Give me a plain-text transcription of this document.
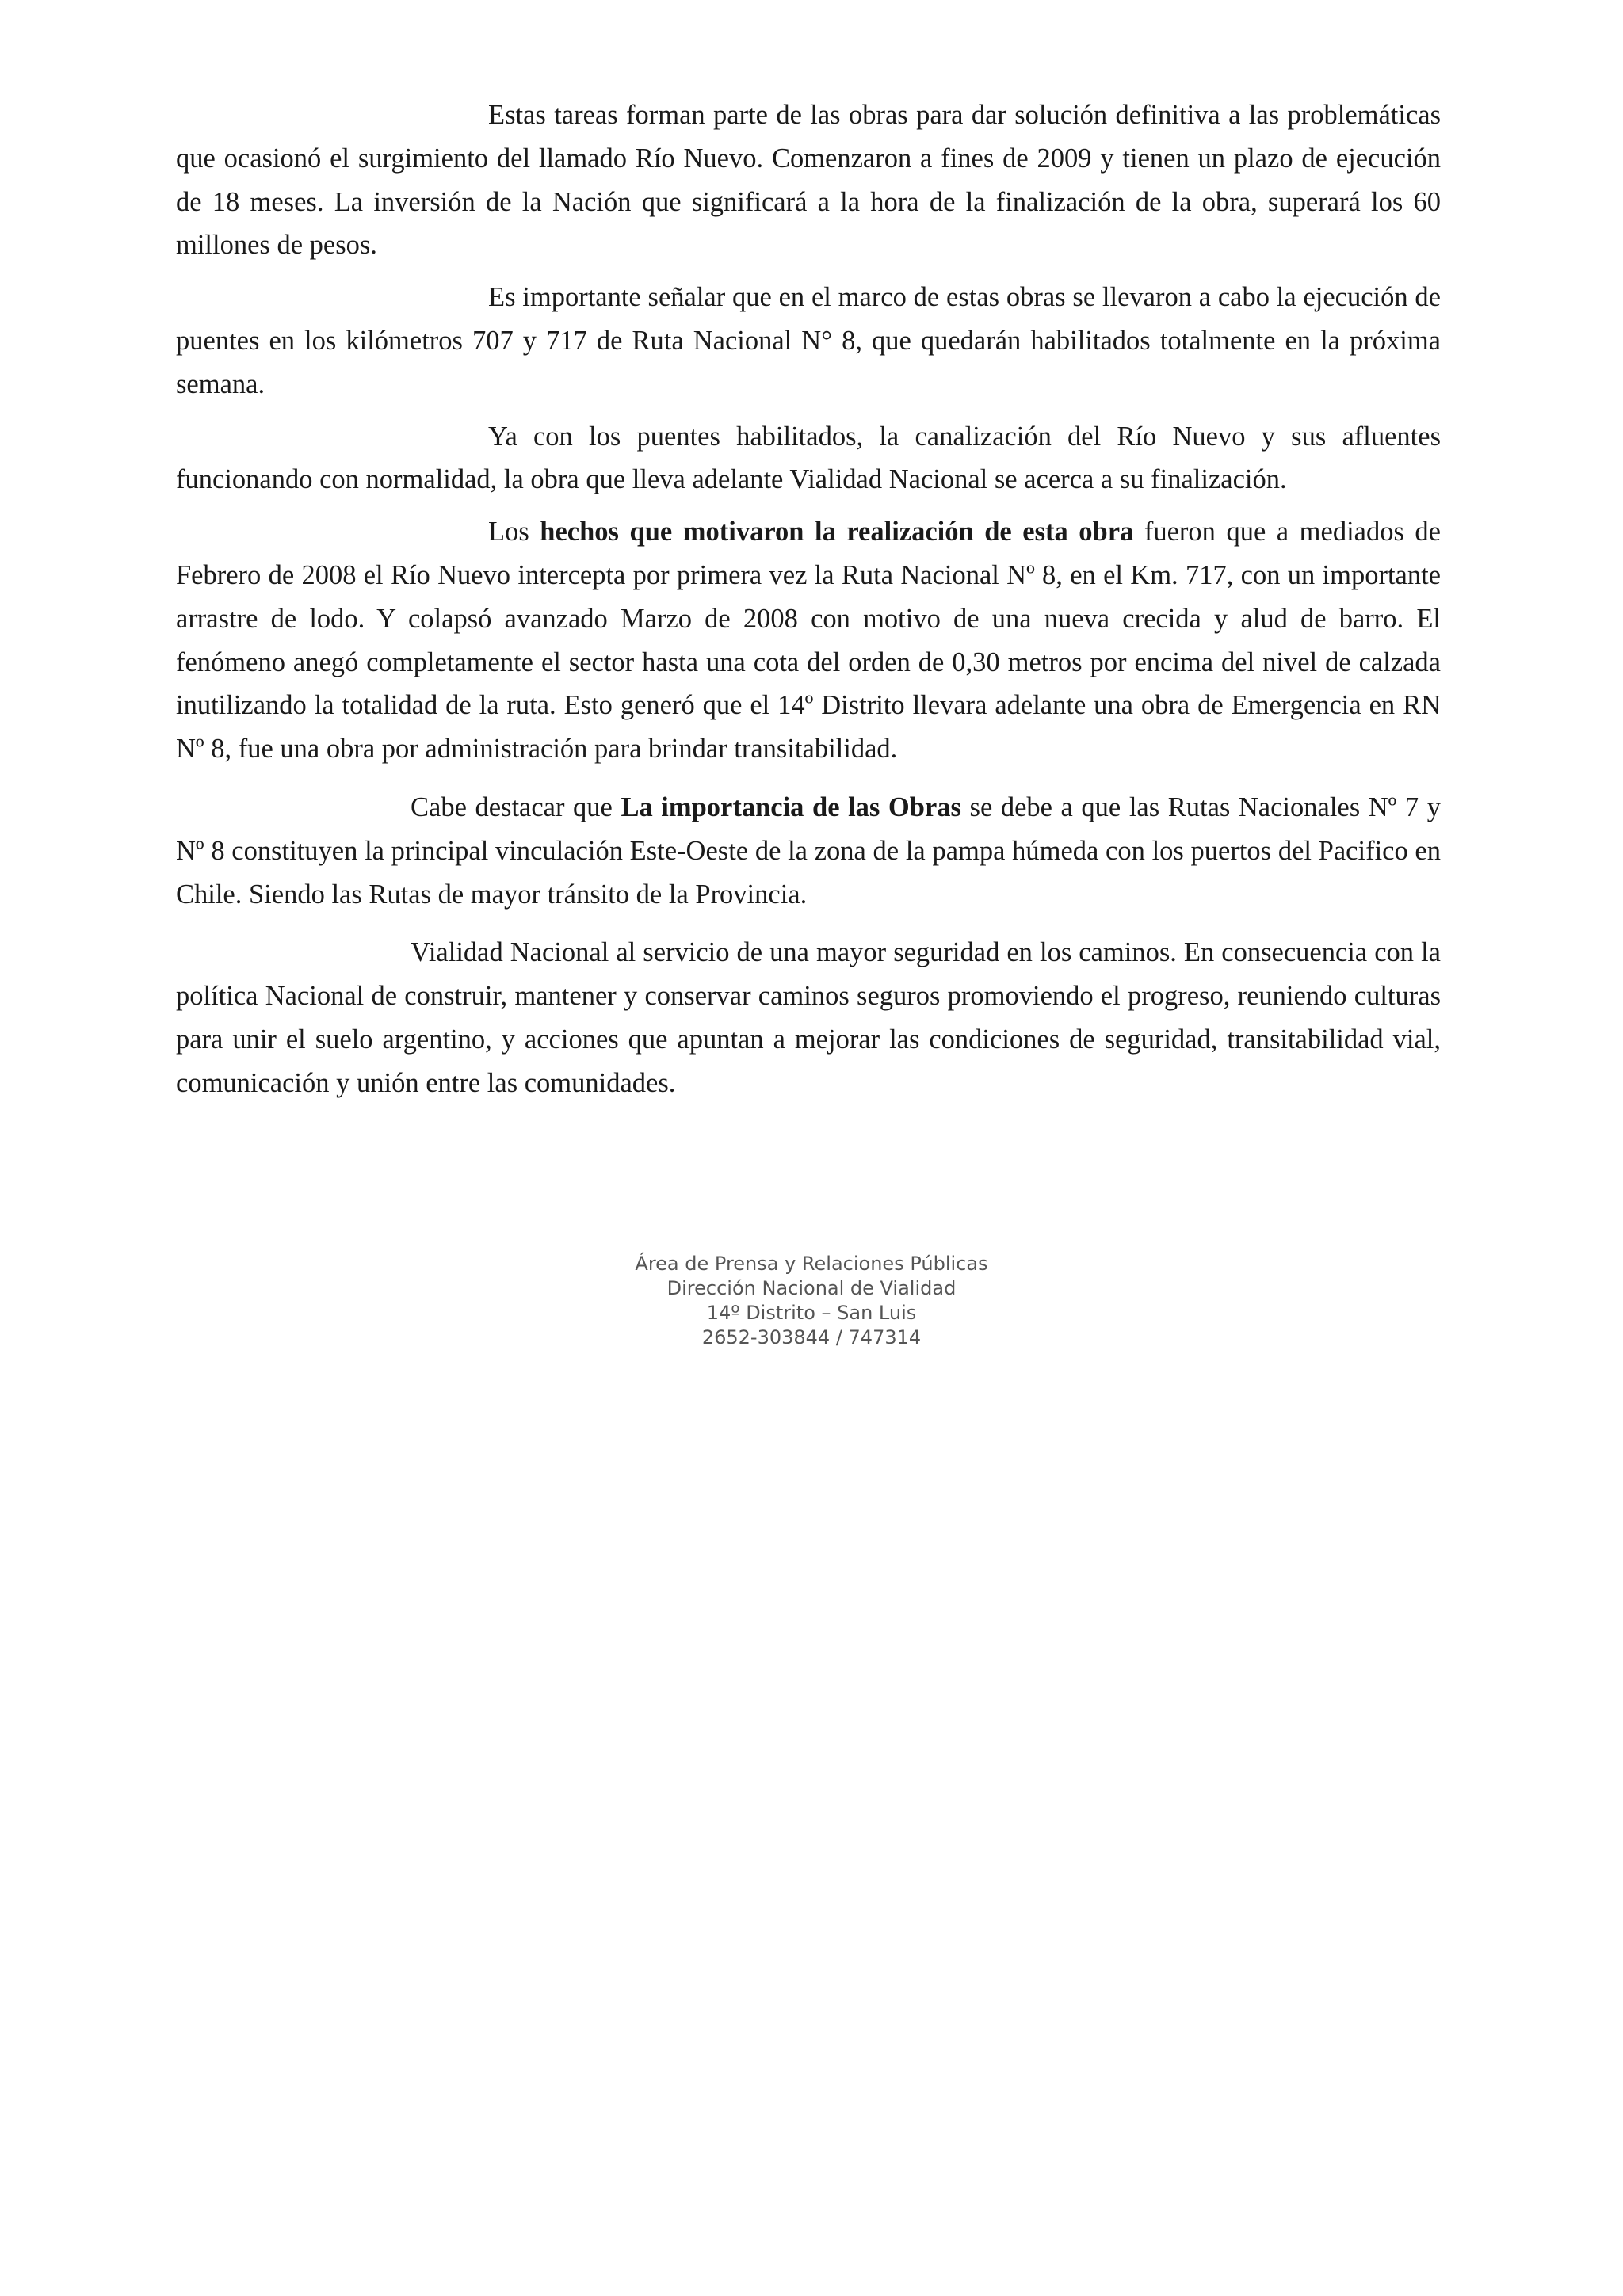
Estas tareas forman parte de las obras para dar solución definitiva a las problemáticas que ocasionó el surgimiento del llamado Río Nuevo. Comenzaron a fines de 2009 y tienen un plazo de ejecución de 18 meses. La inversión de la Nación que significará a la hora de la finalización de la obra, superará los 60 millones de pesos.

Es importante señalar que en el marco de estas obras se llevaron a cabo la ejecución de puentes en los kilómetros 707 y 717 de Ruta Nacional N° 8, que quedarán habilitados totalmente en la próxima semana.

Ya con los puentes habilitados, la canalización del Río Nuevo y sus afluentes funcionando con normalidad, la obra que lleva adelante Vialidad Nacional se acerca a su finalización.

Los hechos que motivaron la realización de esta obra fueron que a mediados de Febrero de 2008 el Río Nuevo intercepta por primera vez la Ruta Nacional Nº 8, en el Km. 717, con un importante arrastre de lodo. Y colapsó avanzado Marzo de 2008 con motivo de una nueva crecida y alud de barro. El fenómeno anegó completamente el sector hasta una cota del orden de 0,30 metros por encima del nivel de calzada inutilizando la totalidad de la ruta. Esto generó que el 14º Distrito llevara adelante una obra de Emergencia en RN Nº 8, fue una obra por administración para brindar transitabilidad.

Cabe destacar que La importancia de las Obras se debe a que las Rutas Nacionales Nº 7 y Nº 8 constituyen la principal vinculación Este-Oeste de la zona de la pampa húmeda con los puertos del Pacifico en Chile. Siendo las Rutas de mayor tránsito de la Provincia.

Vialidad Nacional al servicio de una mayor seguridad en los caminos. En consecuencia con la política Nacional de construir, mantener y conservar caminos seguros promoviendo el progreso, reuniendo culturas para unir el suelo argentino, y acciones que apuntan a mejorar las condiciones de seguridad, transitabilidad vial, comunicación y unión entre las comunidades.

Área de Prensa y Relaciones Públicas
Dirección Nacional de Vialidad
14º Distrito – San Luis
2652-303844 / 747314
